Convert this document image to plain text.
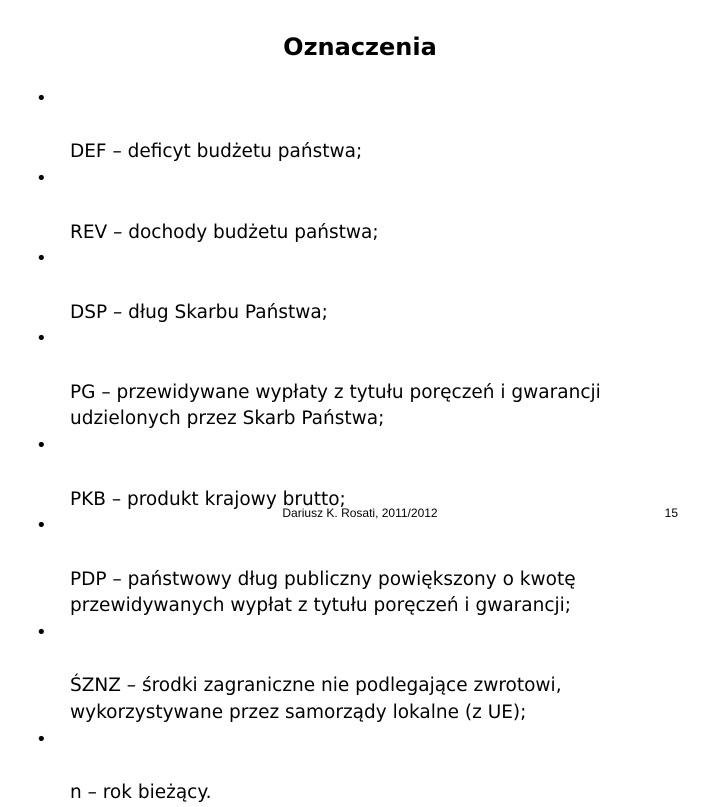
Oznaczenia

•

DEF – deficyt budżetu państwa;

•

REV – dochody budżetu państwa;

•

DSP – dług Skarbu Państwa;

•

PG – przewidywane wypłaty z tytułu poręczeń i gwarancji
udzielonych przez Skarb Państwa;

•

PKB – produkt krajowy brutto;

•

PDP – państwowy dług publiczny powiększony o kwotę
przewidywanych wypłat z tytułu poręczeń i gwarancji;

•

ŚZNZ – środki zagraniczne nie podlegające zwrotowi,
wykorzystywane przez samorządy lokalne (z UE);

•

n – rok bieżący.

Dariusz K. Rosati, 2011/2012	15
